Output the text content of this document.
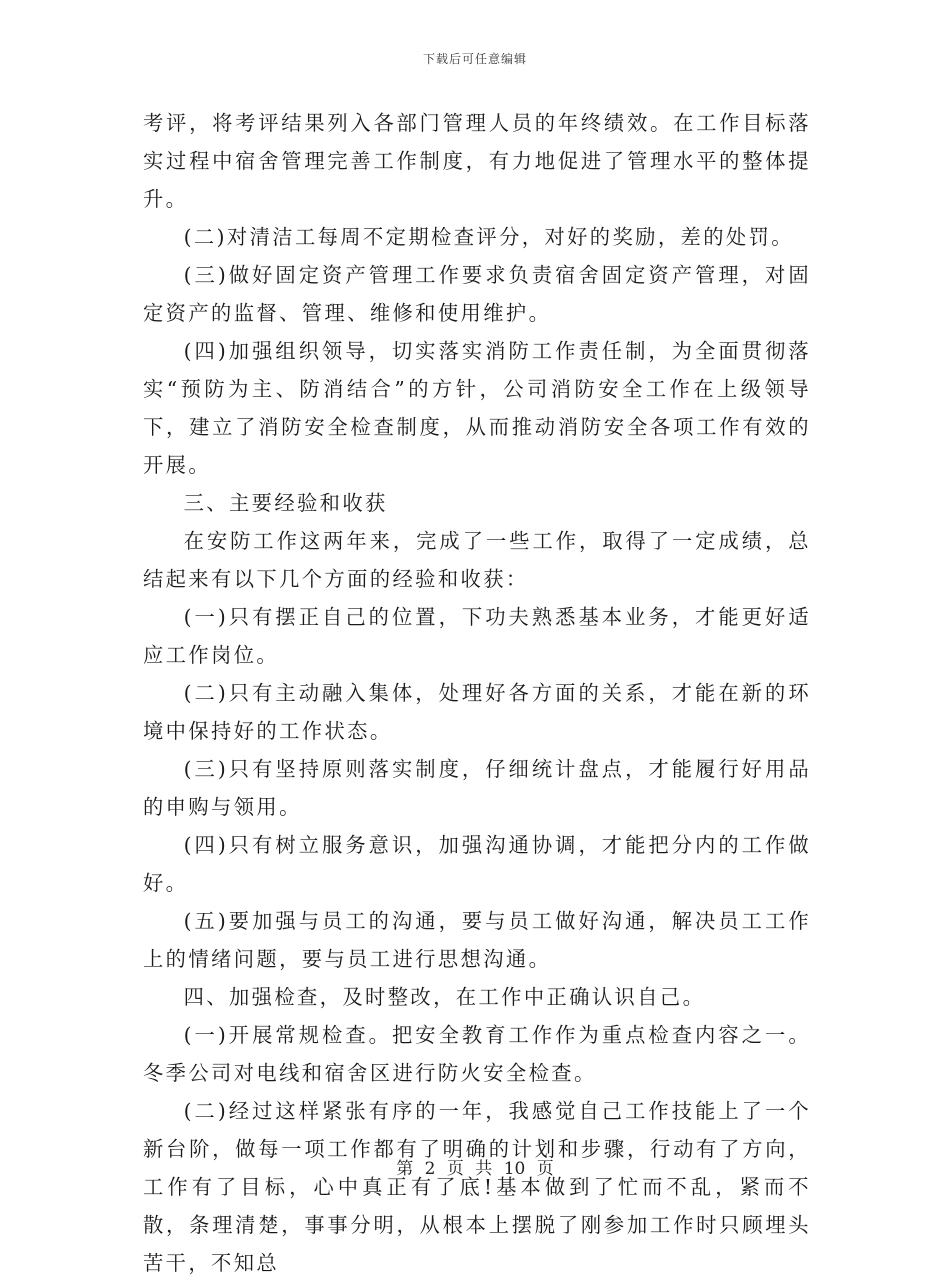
下载后可任意编辑

考评，将考评结果列入各部门管理人员的年终绩效。在工作目标落实过程中宿舍管理完善工作制度，有力地促进了管理水平的整体提升。

(二)对清洁工每周不定期检查评分，对好的奖励，差的处罚。

(三)做好固定资产管理工作要求负责宿舍固定资产管理，对固定资产的监督、管理、维修和使用维护。

(四)加强组织领导，切实落实消防工作责任制，为全面贯彻落实“预防为主、防消结合”的方针，公司消防安全工作在上级领导下，建立了消防安全检查制度，从而推动消防安全各项工作有效的开展。

三、主要经验和收获

在安防工作这两年来，完成了一些工作，取得了一定成绩，总结起来有以下几个方面的经验和收获：

(一)只有摆正自己的位置，下功夫熟悉基本业务，才能更好适应工作岗位。

(二)只有主动融入集体，处理好各方面的关系，才能在新的环境中保持好的工作状态。

(三)只有坚持原则落实制度，仔细统计盘点，才能履行好用品的申购与领用。

(四)只有树立服务意识，加强沟通协调，才能把分内的工作做好。

(五)要加强与员工的沟通，要与员工做好沟通，解决员工工作上的情绪问题，要与员工进行思想沟通。

四、加强检查，及时整改，在工作中正确认识自己。

(一)开展常规检查。把安全教育工作作为重点检查内容之一。冬季公司对电线和宿舍区进行防火安全检查。

(二)经过这样紧张有序的一年，我感觉自己工作技能上了一个新台阶，做每一项工作都有了明确的计划和步骤，行动有了方向，工作有了目标，心中真正有了底!基本做到了忙而不乱，紧而不散，条理清楚，事事分明，从根本上摆脱了刚参加工作时只顾埋头苦干，不知总

第 2 页 共 10 页
